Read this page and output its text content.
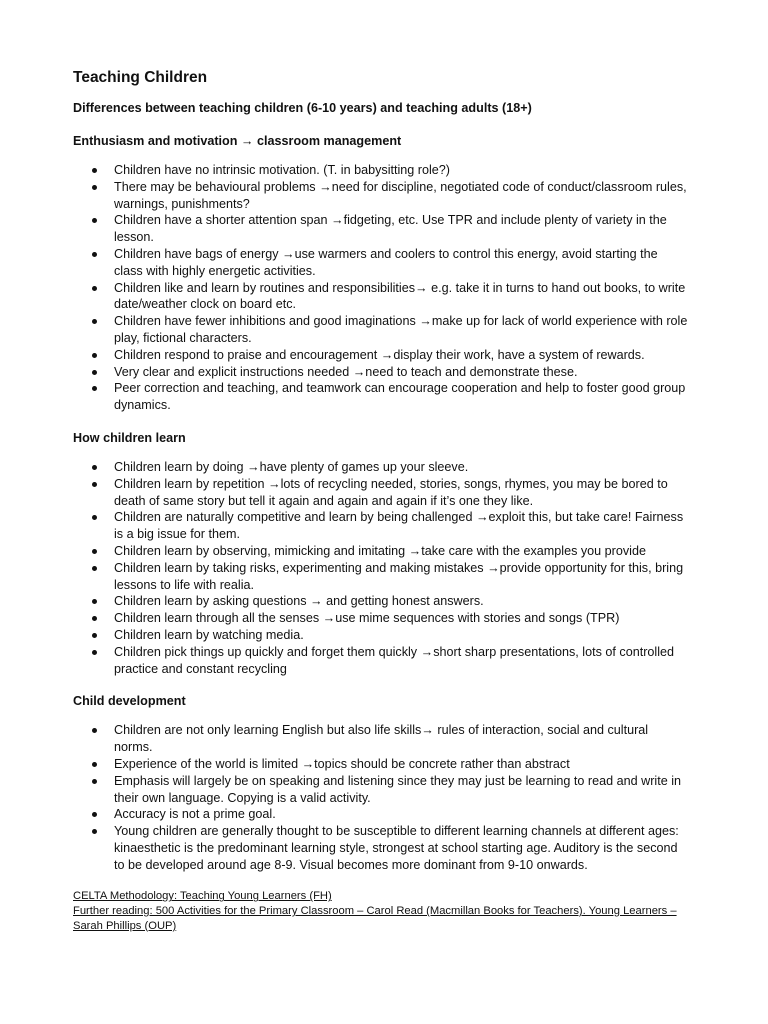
Teaching Children

Differences between teaching children (6-10 years) and teaching adults (18+)

Enthusiasm and motivation → classroom management
Children have no intrinsic motivation. (T. in babysitting role?)
There may be behavioural problems →need for discipline, negotiated code of conduct/classroom rules, warnings, punishments?
Children have a shorter attention span →fidgeting, etc. Use TPR and include plenty of variety in the lesson.
Children have bags of energy →use warmers and coolers to control this energy, avoid starting the class with highly energetic activities.
Children like and learn by routines and responsibilities→ e.g. take it in turns to hand out books, to write date/weather clock on board etc.
Children have fewer inhibitions and good imaginations →make up for lack of world experience with role play, fictional characters.
Children respond to praise and encouragement →display their work, have a system of rewards.
Very clear and explicit instructions needed →need to teach and demonstrate these.
Peer correction and teaching, and teamwork can encourage cooperation and help to foster good group dynamics.
How children learn
Children learn by doing →have plenty of games up your sleeve.
Children learn by repetition →lots of recycling needed, stories, songs, rhymes, you may be bored to death of same story but tell it again and again and again if it’s one they like.
Children are naturally competitive and learn by being challenged →exploit this, but take care! Fairness is a big issue for them.
Children learn by observing, mimicking and imitating →take care with the examples you provide
Children learn by taking risks, experimenting and making mistakes →provide opportunity for this, bring lessons to life with realia.
Children learn by asking questions → and getting honest answers.
Children learn through all the senses →use mime sequences with stories and songs (TPR)
Children learn by watching media.
Children pick things up quickly and forget them quickly →short sharp presentations, lots of controlled practice and constant recycling
Child development
Children are not only learning English but also life skills→ rules of interaction, social and cultural norms.
Experience of the world is limited →topics should be concrete rather than abstract
Emphasis will largely be on speaking and listening since they may just be learning to read and write in their own language. Copying is a valid activity.
Accuracy is not a prime goal.
Young children are generally thought to be susceptible to different learning channels at different ages: kinaesthetic is the predominant learning style, strongest at school starting age. Auditory is the second to be developed around age 8-9. Visual becomes more dominant from 9-10 onwards.
CELTA Methodology: Teaching Young Learners (FH)
Further reading: 500 Activities for the Primary Classroom – Carol Read (Macmillan Books for Teachers). Young Learners – Sarah Phillips (OUP)
